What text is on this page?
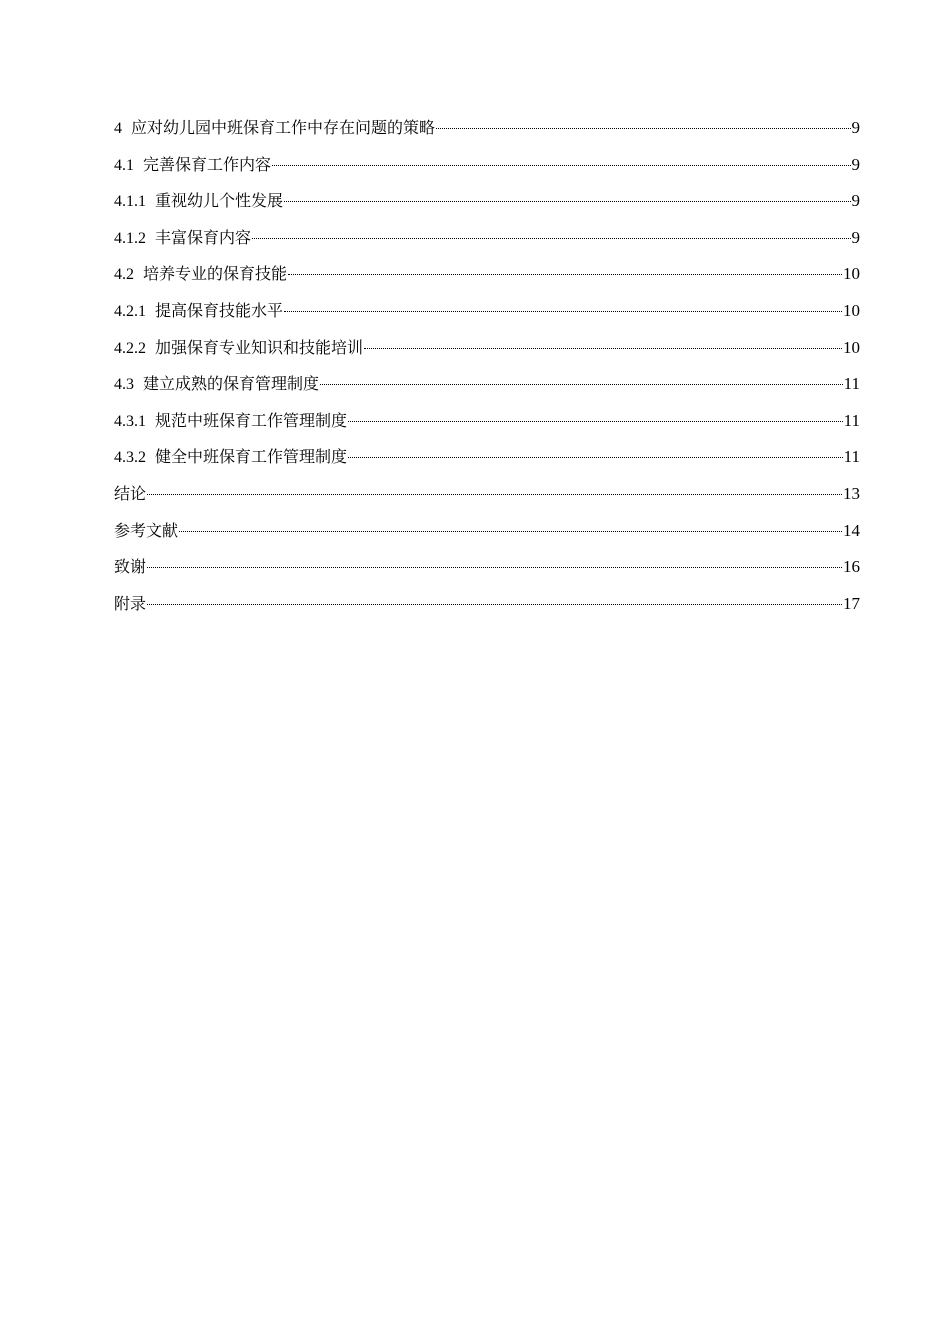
4 应对幼儿园中班保育工作中存在问题的策略	9
4.1 完善保育工作内容	9
4.1.1 重视幼儿个性发展	9
4.1.2 丰富保育内容	9
4.2 培养专业的保育技能	10
4.2.1 提高保育技能水平	10
4.2.2 加强保育专业知识和技能培训	10
4.3 建立成熟的保育管理制度	11
4.3.1 规范中班保育工作管理制度	11
4.3.2 健全中班保育工作管理制度	11
结论	13
参考文献	14
致谢	16
附录	17
